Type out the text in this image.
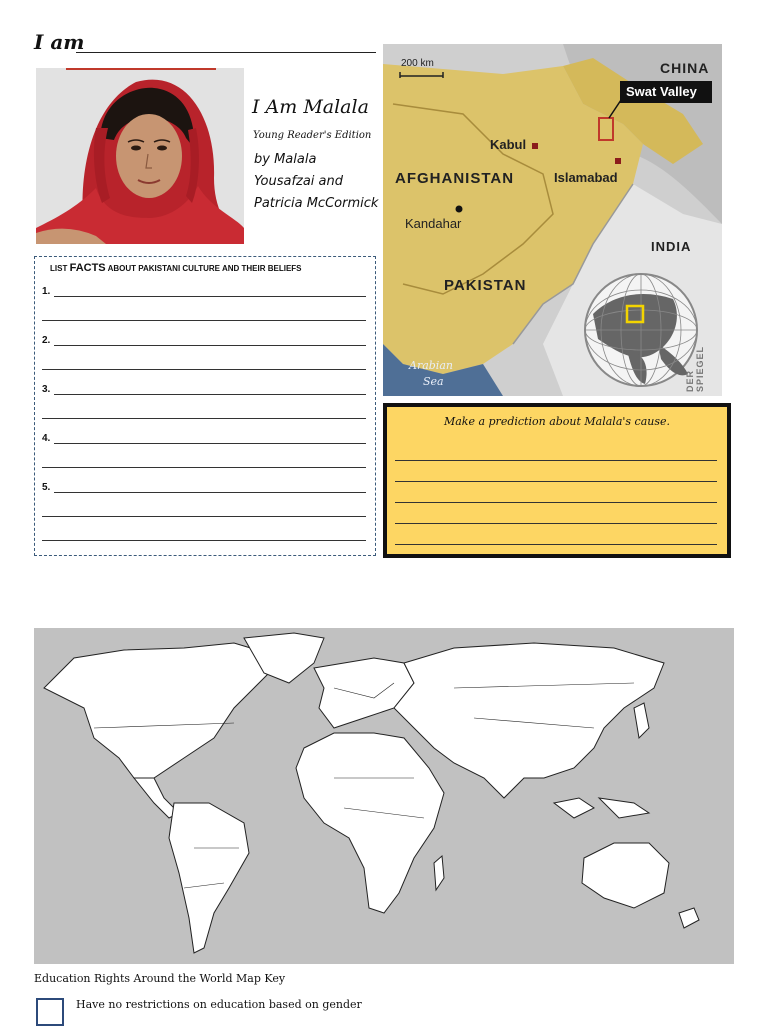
I am
I Am Malala
Young Reader's Edition
by Malala
Yousafzai and
Patricia McCormick
200 km	CHINA
Swat Valley
Kabul
AFGHANISTAN	Islamabad
Kandahar
INDIA
PAKISTAN
Arabian
Sea	DER SPIEGEL
LIST FACTS ABOUT PAKISTANI CULTURE AND THEIR BELIEFS
1.
2.
3.
4.
5.
Make a prediction about Malala's cause.
Education Rights Around the World Map Key
Have no restrictions on education based on gender
